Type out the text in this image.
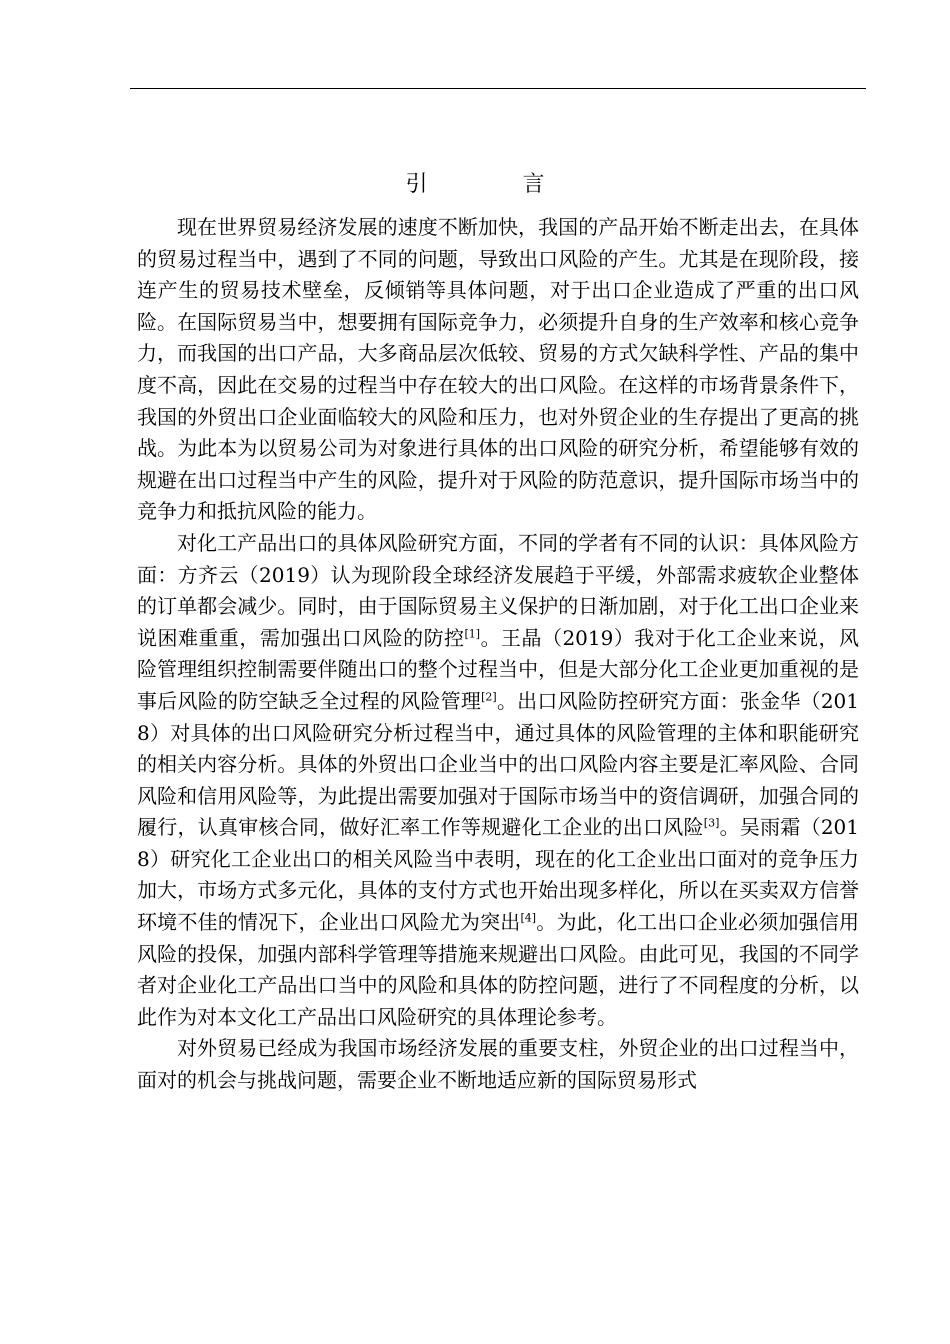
引 言

现在世界贸易经济发展的速度不断加快，我国的产品开始不断走出去，在具体的贸易过程当中，遇到了不同的问题，导致出口风险的产生。尤其是在现阶段，接连产生的贸易技术壁垒，反倾销等具体问题，对于出口企业造成了严重的出口风险。在国际贸易当中，想要拥有国际竞争力，必须提升自身的生产效率和核心竞争力，而我国的出口产品，大多商品层次低较、贸易的方式欠缺科学性、产品的集中度不高，因此在交易的过程当中存在较大的出口风险。在这样的市场背景条件下，我国的外贸出口企业面临较大的风险和压力，也对外贸企业的生存提出了更高的挑战。为此本为以贸易公司为对象进行具体的出口风险的研究分析，希望能够有效的规避在出口过程当中产生的风险，提升对于风险的防范意识，提升国际市场当中的竞争力和抵抗风险的能力。

对化工产品出口的具体风险研究方面，不同的学者有不同的认识：具体风险方面：方齐云（2019）认为现阶段全球经济发展趋于平缓，外部需求疲软企业整体的订单都会减少。同时，由于国际贸易主义保护的日渐加剧，对于化工出口企业来说困难重重，需加强出口风险的防控[1]。王晶（2019）我对于化工企业来说，风险管理组织控制需要伴随出口的整个过程当中，但是大部分化工企业更加重视的是事后风险的防空缺乏全过程的风险管理[2]。出口风险防控研究方面：张金华（2018）对具体的出口风险研究分析过程当中，通过具体的风险管理的主体和职能研究的相关内容分析。具体的外贸出口企业当中的出口风险内容主要是汇率风险、合同风险和信用风险等，为此提出需要加强对于国际市场当中的资信调研，加强合同的履行，认真审核合同，做好汇率工作等规避化工企业的出口风险[3]。吴雨霜（2018）研究化工企业出口的相关风险当中表明，现在的化工企业出口面对的竞争压力加大，市场方式多元化，具体的支付方式也开始出现多样化，所以在买卖双方信誉环境不佳的情况下，企业出口风险尤为突出[4]。为此，化工出口企业必须加强信用风险的投保，加强内部科学管理等措施来规避出口风险。由此可见，我国的不同学者对企业化工产品出口当中的风险和具体的防控问题，进行了不同程度的分析，以此作为对本文化工产品出口风险研究的具体理论参考。

对外贸易已经成为我国市场经济发展的重要支柱，外贸企业的出口过程当中，面对的机会与挑战问题，需要企业不断地适应新的国际贸易形式
